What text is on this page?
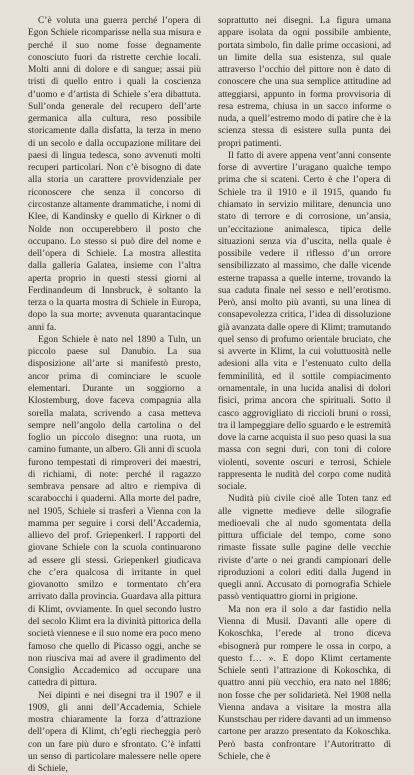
C’è voluta una guerra perché l’opera di Egon Schiele ricomparisse nella sua misura e perché il suo nome fosse degnamente conosciuto fuori da ristrette cerchie locali. Molti anni di dolore e di sangue; assai più tristi di quello entro i quali la coscienza d’uomo e d’artista di Schiele s’era dibattuta. Sull’onda generale del recupero dell’arte germanica alla cultura, reso possibile storicamente dalla disfatta, la terza in meno di un secolo e dalla occupazione militare dei paesi di lingua tedesca, sono avvenuti molti recuperi particolari. Non c’è bisogno di date alla storia un carattere provvidenziale per riconoscere che senza il concorso di circostanze altamente drammatiche, i nomi di Klee, di Kandinsky e quello di Kirkner o di Nolde non occuperebbero il posto che occupano. Lo stesso si può dire del nome e dell’opera di Schiele. La mostra allestita dalla galleria Galatea, insieme con l’altra aperta proprio in questi stessi giorni al Ferdinandeum di Innsbruck, è soltanto la terza o la quarta mostra di Schiele in Europa, dopo la sua morte; avvenuta quarantacinque anni fa.

Egon Schiele è nato nel 1890 a Tuln, un piccolo paese sul Danubio. La sua disposizione all’arte si manifestò presto, ancor prima di cominciare le scuole elementari. Durante un soggiorno a Klostemburg, dove faceva compagnia alla sorella malata, scrivendo a casa metteva sempre nell’angolo della cartolina o del foglio un piccolo disegno: una ruota, un camino fumante, un albero. Gli anni di scuola furono tempestati di rimproveri dei maestri, di richiami, di note: perché il ragazzo sembrava pensare ad altro e riempiva di scarabocchi i quaderni. Alla morte del padre, nel 1905, Schiele si trasferì a Vienna con la mamma per seguire i corsi dell’Accademia, allievo del prof. Griepenkerl. I rapporti del giovane Schiele con la scuola continuarono ad essere gli stessi. Griepenkerl giudicava che c’era qualcosa di irritante in quel giovanotto smilzo e tormentato ch’era arrivato dalla provincia. Guardava alla pittura di Klimt, ovviamente. In quel secondo lustro del secolo Klimt era la divinità pittorica della società viennese e il suo nome era poco meno famoso che quello di Picasso oggi, anche se non riusciva mai ad avere il gradimento del Consiglio Accademico ad occupare una cattedra di pittura.

Nei dipinti e nei disegni tra il 1907 e il 1909, gli anni dell’Accademia, Schiele mostra chiaramente la forza d’attrazione dell’opera di Klimt, ch’egli riecheggia però con un fare più duro e sfrontato. C’è infatti un senso di particolare malessere nelle opere di Schiele,

soprattutto nei disegni. La figura umana appare isolata da ogni possibile ambiente, portata simbolo, fin dalle prime occasioni, ad un limite della sua esistenza, sul quale attraverso l’occhio del pittore non è dato di conoscere che una sua semplice attitudine ad atteggiarsi, appunto in forma provvisoria di resa estrema, chiusa in un sacco informe o nuda, a quell’estremo modo di patire che è la scienza stessa di esistere sulla punta dei propri patimenti.

Il fatto di avere appena vent’anni consente forse di avvertire l’uragano qualche tempo prima che si scateni. Certo è che l’opera di Schiele tra il 1910 e il 1915, quando fu chiamato in servizio militare, denuncia uno stato di terrore e di corrosione, un’ansia, un’eccitazione animalesca, tipica delle situazioni senza via d’uscita, nella quale è possibile vedere il riflesso d’un orrore sensibilizzato al massimo, che dalle vicende esterne trapassa a quelle interne, trovando la sua caduta finale nel sesso e nell’erotismo. Però, ansi molto più avanti, su una linea di consapevolezza critica, l’idea di dissoluzione già avanzata dalle opere di Klimt; tramutando quel senso di profumo orientale bruciato, che si avverte in Klimt, la cui voluttuosità nelle adesioni alla vita e l’estenuato culto della femminilità, ed il sottile compiacimento ornamentale, in una lucida analisi di dolori fisici, prima ancora che spirituali. Sotto il casco aggrovigliato di riccioli bruni o rossi, tra il lampeggiare dello sguardo e le estremità dove la carne acquista il suo peso quasi la sua massa con segni duri, con toni di colore violenti, sovente oscuri e terrosi, Schiele rappresenta le nudità del corpo come nudità sociale.

Nudità più civile cioè alle Toten tanz ed alle vignette medieve delle silografie medioevali che al nudo sgomentata della pittura ufficiale del tempo, come sono rimaste fissate sulle pagine delle vecchie riviste d’arte o nei grandi campionari delle riproduzioni a colori editi dalla Jugend in quegli anni. Accusato di pornografia Schiele passò ventiquattro giorni in prigione.

Ma non era il solo a dar fastidio nella Vienna di Musil. Davanti alle opere di Kokoschka, l’erede al trono diceva «bisognerà pur rompere le ossa in corpo, a questo f… ». E dopo Klimt certamente Schiele sentì l’attrazione di Kokoschka, di quattro anni più vecchio, era nato nel 1886; non fosse che per solidarietà. Nel 1908 nella Vienna andava a visitare la mostra alla Kunstschau per ridere davanti ad un immenso cartone per arazzo presentato da Kokoschka. Però basta confrontare l’Autoritratto di Schiele, che è
